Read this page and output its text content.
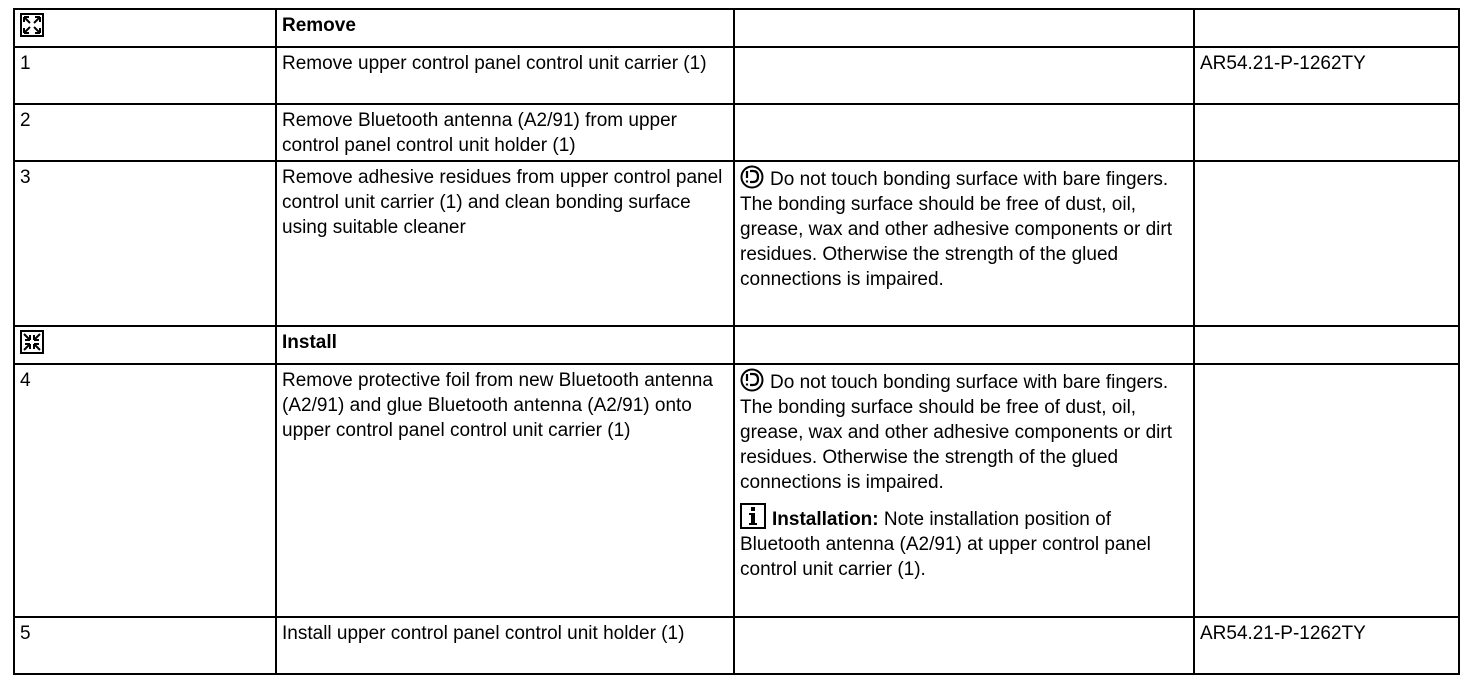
	Remove		
1	Remove upper control panel control unit carrier (1)		AR54.21-P-1262TY
2	Remove Bluetooth antenna (A2/91) from upper control panel control unit holder (1)		
3	Remove adhesive residues from upper control panel control unit carrier (1) and clean bonding surface using suitable cleaner	Do not touch bonding surface with bare fingers. The bonding surface should be free of dust, oil, grease, wax and other adhesive components or dirt residues. Otherwise the strength of the glued connections is impaired.	
	Install		
4	Remove protective foil from new Bluetooth antenna (A2/91) and glue Bluetooth antenna (A2/91) onto upper control panel control unit carrier (1)	Do not touch bonding surface with bare fingers. The bonding surface should be free of dust, oil, grease, wax and other adhesive components or dirt residues. Otherwise the strength of the glued connections is impaired.
Installation: Note installation position of Bluetooth antenna (A2/91) at upper control panel control unit carrier (1).	

5	Install upper control panel control unit holder (1)		AR54.21-P-1262TY
